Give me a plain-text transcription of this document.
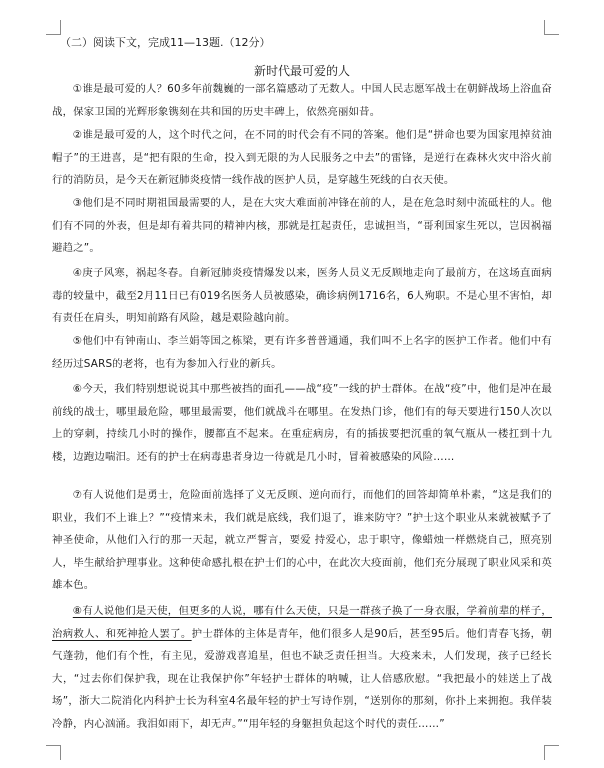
（二）阅读下文，完成11—13题.（12分）
新时代最可爱的人
①谁是最可爱的人？60多年前魏巍的一部名篇感动了无数人。中国人民志愿军战士在朝鲜战场上浴血奋战，保家卫国的光辉形象镌刻在共和国的历史丰碑上，依然亮丽如昔。
②谁是最可爱的人，这个时代之问，在不同的时代会有不同的答案。他们是“拼命也要为国家甩掉贫油帽子”的王进喜，是“把有限的生命，投入到无限的为人民服务之中去”的雷锋，是逆行在森林火灾中浴火前行的消防员，是今天在新冠肺炎疫情一线作战的医护人员，是穿越生死线的白衣天使。
③他们是不同时期祖国最需要的人，是在大灾大难面前冲锋在前的人，是在危急时刻中流砥柱的人。他们有不同的外表，但是却有着共同的精神内核，那就是扛起责任，忠诚担当，“哥利国家生死以，岂因祸福避趋之”。
④庚子风寒，祸起冬春。自新冠肺炎疫情爆发以来，医务人员义无反顾地走向了最前方，在这场直面病毒的较量中，截至2月11日已有019名医务人员被感染，确诊病例1716名，6人殉职。不是心里不害怕，却有责任在肩头，明知前路有风险，越是艰险越向前。
⑤他们中有钟南山、李兰娟等国之栋梁，更有许多普普通通，我们叫不上名字的医护工作者。他们中有经历过SARS的老将，也有为参加入行业的新兵。
⑥今天，我们特别想说说其中那些被挡的面孔——战“疫”一线的护士群体。在战“疫”中，他们是冲在最前线的战士，哪里最危险，哪里最需要，他们就战斗在哪里。在发热门诊，他们有的每天要进行150人次以上的穿刺，持续几小时的操作，腰都直不起来。在重症病房，有的插拔要把沉重的氧气瓶从一楼扛到十九楼，边跑边喘汨。还有的护士在病毒患者身边一待就是几小时，冒着被感染的风险……
⑦有人说他们是勇士，危险面前选择了义无反顾、逆向而行，而他们的回答却简单朴素，“这是我们的职业，我们不上谁上？”“疫情来未，我们就是底线，我们退了，谁来防守？”护士这个职业从来就被赋予了神圣使命，从他们入行的那一天起，就立严誓言，要爱 持爱心，忠于职守，像蜡烛一样燃烧自己，照亮别人，毕生献给护理事业。这种使命感扎根在护士们的心中，在此次大疫面前，他们充分展现了职业风采和英雄本色。
⑧有人说他们是天使，但更多的人说，哪有什么天使，只是一群孩子换了一身衣服，学着前辈的样子，治病救人、和死神抢人罢了。护士群体的主体是青年，他们很多人是90后，甚至95后。他们青春飞扬，朝气蓬勃，他们有个性，有主见，爱游戏喜追星，但也不缺乏责任担当。大疫来未，人们发现，孩子已经长大，“过去你们保护我，现在让我保护你”年轻护士群体的呐喊，让人倍感欣慰。“我把最小的娃送上了战场”，浙大二院消化内科护士长为科室4名最年轻的护士写诗作别，“送别你的那刻，你扑上来拥抱。我佯装冷静，内心汹涌。我泪如雨下，却无声。”“用年轻的身躯担负起这个时代的责任……”
